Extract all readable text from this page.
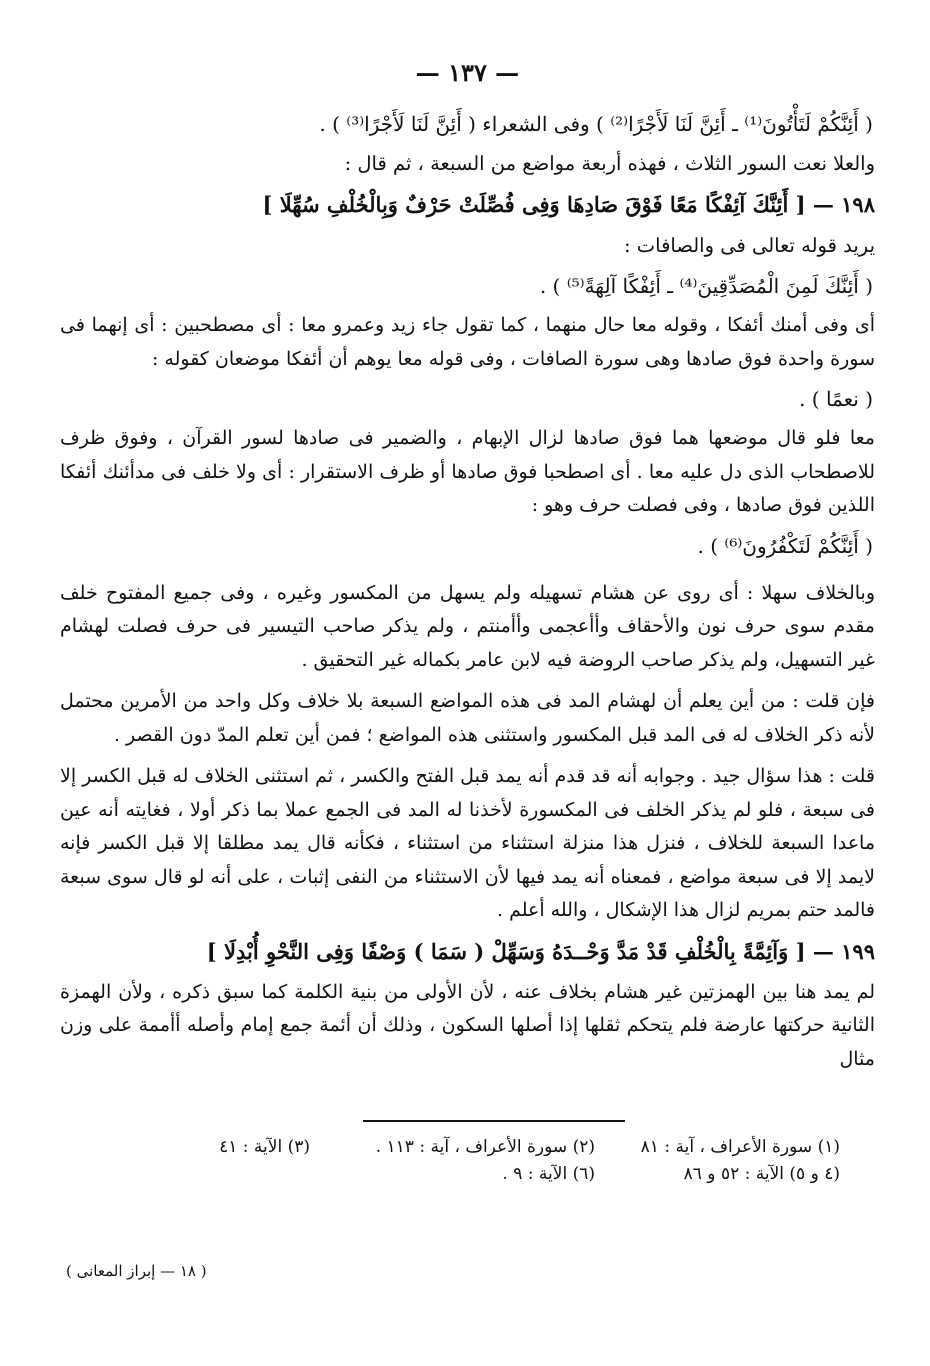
— ١٣٧ —

( أَئِنَّكُمْ لَتَأْتُونَ⁽¹⁾ ـ أَئِنَّ لَنَا لَأَجْرًا⁽²⁾ ) وفى الشعراء ( أَئِنَّ لَنَا لَأَجْرًا⁽³⁾ ) .

والعلا نعت السور الثلاث ، فهذه أربعة مواضع من السبعة ، ثم قال :

١٩٨ — [ أَئِنَّكَ آئِفْكًا مَعًا فَوْقَ صَادِهَا وَفِى فُصِّلَتْ حَرْفٌ وَبِالْخُلْفِ سُهِّلَا ]

يريد قوله تعالى فى والصافات :

( أَئِنَّكَ لَمِنَ الْمُصَدِّقِينَ⁽⁴⁾ ـ أَئِفْكًا آلِهَةً⁽⁵⁾ ) .

أى وفى أمنك أئفكا ، وقوله معا حال منهما ، كما تقول جاء زيد وعمرو معا : أى مصطحبين : أى إنهما فى سورة واحدة فوق صادها وهى سورة الصافات ، وفى قوله معا يوهم أن أئفكا موضعان كقوله :

( نعمًا ) .

معا فلو قال موضعها هما فوق صادها لزال الإبهام ، والضمير فى صادها لسور القرآن ، وفوق ظرف للاصطحاب الذى دل عليه معا . أى اصطحبا فوق صادها أو ظرف الاستقرار : أى ولا خلف فى مدأئنك أئفكا اللذين فوق صادها ، وفى فصلت حرف وهو :

( أَئِنَّكُمْ لَتَكْفُرُونَ⁽⁶⁾ ) .

وبالخلاف سهلا : أى روى عن هشام تسهيله ولم يسهل من المكسور وغيره ، وفى جميع المفتوح خلف مقدم سوى حرف نون والأحقاف وأأعجمى وأأمنتم ، ولم يذكر صاحب التيسير فى حرف فصلت لهشام غير التسهيل، ولم يذكر صاحب الروضة فيه لابن عامر بكماله غير التحقيق .

فإن قلت : من أين يعلم أن لهشام المد فى هذه المواضع السبعة بلا خلاف وكل واحد من الأمرين محتمل لأنه ذكر الخلاف له فى المد قبل المكسور واستثنى هذه المواضع ؛ فمن أين تعلم المدّ دون القصر .

قلت : هذا سؤال جيد . وجوابه أنه قد قدم أنه يمد قبل الفتح والكسر ، ثم استثنى الخلاف له قبل الكسر إلا فى سبعة ، فلو لم يذكر الخلف فى المكسورة لأخذنا له المد فى الجمع عملا بما ذكر أولا ، فغايته أنه عين ماعدا السبعة للخلاف ، فنزل هذا منزلة استثناء من استثناء ، فكأنه قال يمد مطلقا إلا قبل الكسر فإنه لايمد إلا فى سبعة مواضع ، فمعناه أنه يمد فيها لأن الاستثناء من النفى إثبات ، على أنه لو قال سوى سبعة فالمد حتم بمريم لزال هذا الإشكال ، والله أعلم .

١٩٩ — [ وَآئِمَّةً بِالْخُلْفِ قَدْ مَدَّ وَحْــدَهُ وَسَهِّلْ ( سَمَا ) وَصْفًا وَفِى النَّحْوِ أُبْدِلَا ]

لم يمد هنا بين الهمزتين غير هشام بخلاف عنه ، لأن الأولى من بنية الكلمة كما سبق ذكره ، ولأن الهمزة الثانية حركتها عارضة فلم يتحكم ثقلها إذا أصلها السكون ، وذلك أن أئمة جمع إمام وأصله أأممة على وزن مثال

(١) سورة الأعراف ، آية : ٨١
(٢) سورة الأعراف ، آية : ١١٣ .
(٣) الآية : ٤١
(٤ و ٥) الآية : ٥٢ و ٨٦
(٦) الآية : ٩ .
( ١٨ — إبراز المعانى )
